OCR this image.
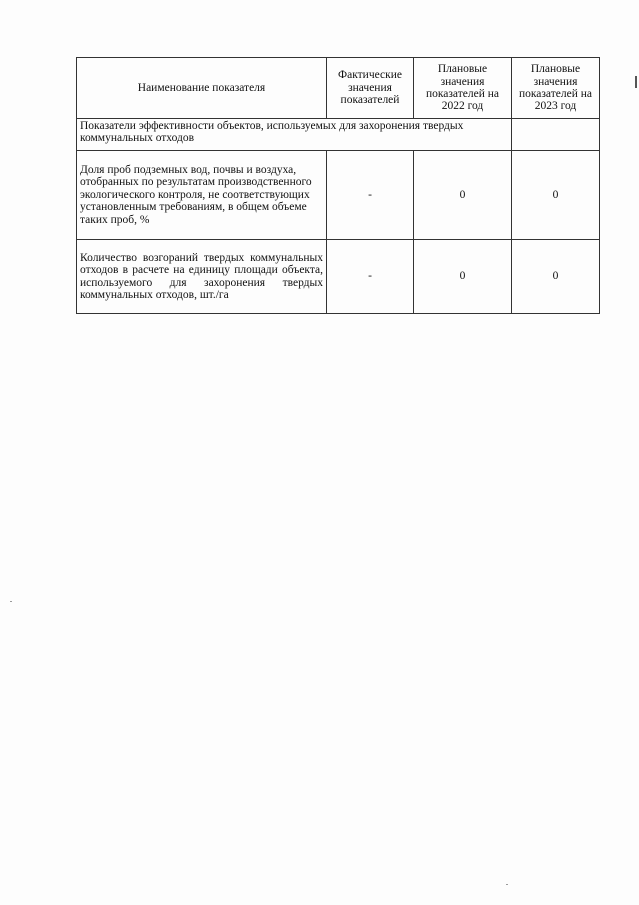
Наименование показателя	Фактические значения показателей	Плановые значения показателей на 2022 год	Плановые значения показателей на 2023 год
Показатели эффективности объектов, используемых для захоронения твердых коммунальных отходов			
Доля проб подземных вод, почвы и воздуха, отобранных по результатам производственного экологического контроля, не соответствующих установленным требованиям, в общем объеме таких проб, %	-	0	0
Количество возгораний твердых коммунальных отходов в расчете на единицу площади объекта, используемого для захоронения твердых коммунальных отходов, шт./га	-	0	0
